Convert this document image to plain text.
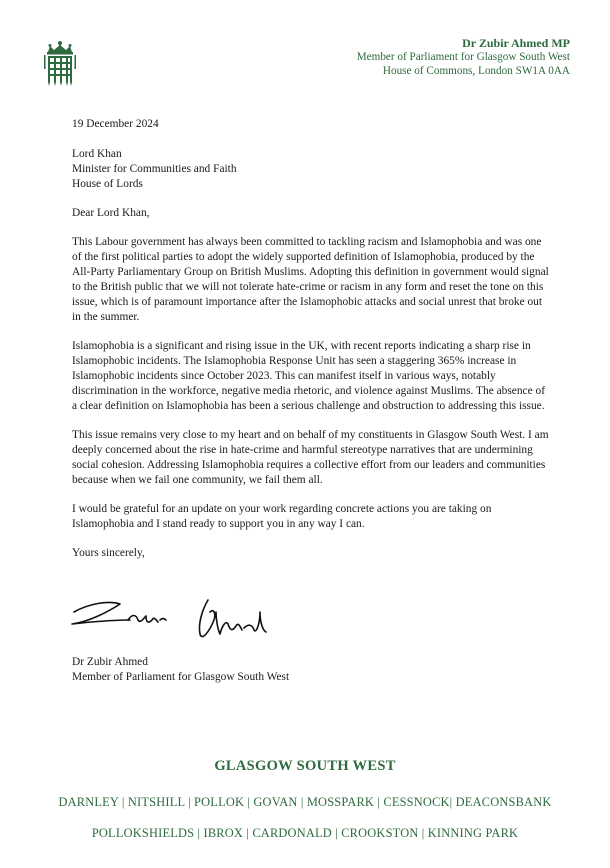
Dr Zubir Ahmed MP
Member of Parliament for Glasgow South West
House of Commons, London SW1A 0AA

19 December 2024

Lord Khan

Minister for Communities and Faith

House of Lords

Dear Lord Khan,

This Labour government has always been committed to tackling racism and Islamophobia and was one of the first political parties to adopt the widely supported definition of Islamophobia, produced by the All-Party Parliamentary Group on British Muslims. Adopting this definition in government would signal to the British public that we will not tolerate hate-crime or racism in any form and reset the tone on this issue, which is of paramount importance after the Islamophobic attacks and social unrest that broke out in the summer.

Islamophobia is a significant and rising issue in the UK, with recent reports indicating a sharp rise in Islamophobic incidents. The Islamophobia Response Unit has seen a staggering 365% increase in Islamophobic incidents since October 2023. This can manifest itself in various ways, notably discrimination in the workforce, negative media rhetoric, and violence against Muslims. The absence of a clear definition on Islamophobia has been a serious challenge and obstruction to addressing this issue.

This issue remains very close to my heart and on behalf of my constituents in Glasgow South West. I am deeply concerned about the rise in hate-crime and harmful stereotype narratives that are undermining social cohesion. Addressing Islamophobia requires a collective effort from our leaders and communities because when we fail one community, we fail them all.

I would be grateful for an update on your work regarding concrete actions you are taking on Islamophobia and I stand ready to support you in any way I can.

Yours sincerely,

Dr Zubir Ahmed
Member of Parliament for Glasgow South West
GLASGOW SOUTH WEST
DARNLEY | NITSHILL | POLLOK | GOVAN | MOSSPARK | CESSNOCK| DEACONSBANK
POLLOKSHIELDS | IBROX | CARDONALD | CROOKSTON | KINNING PARK
